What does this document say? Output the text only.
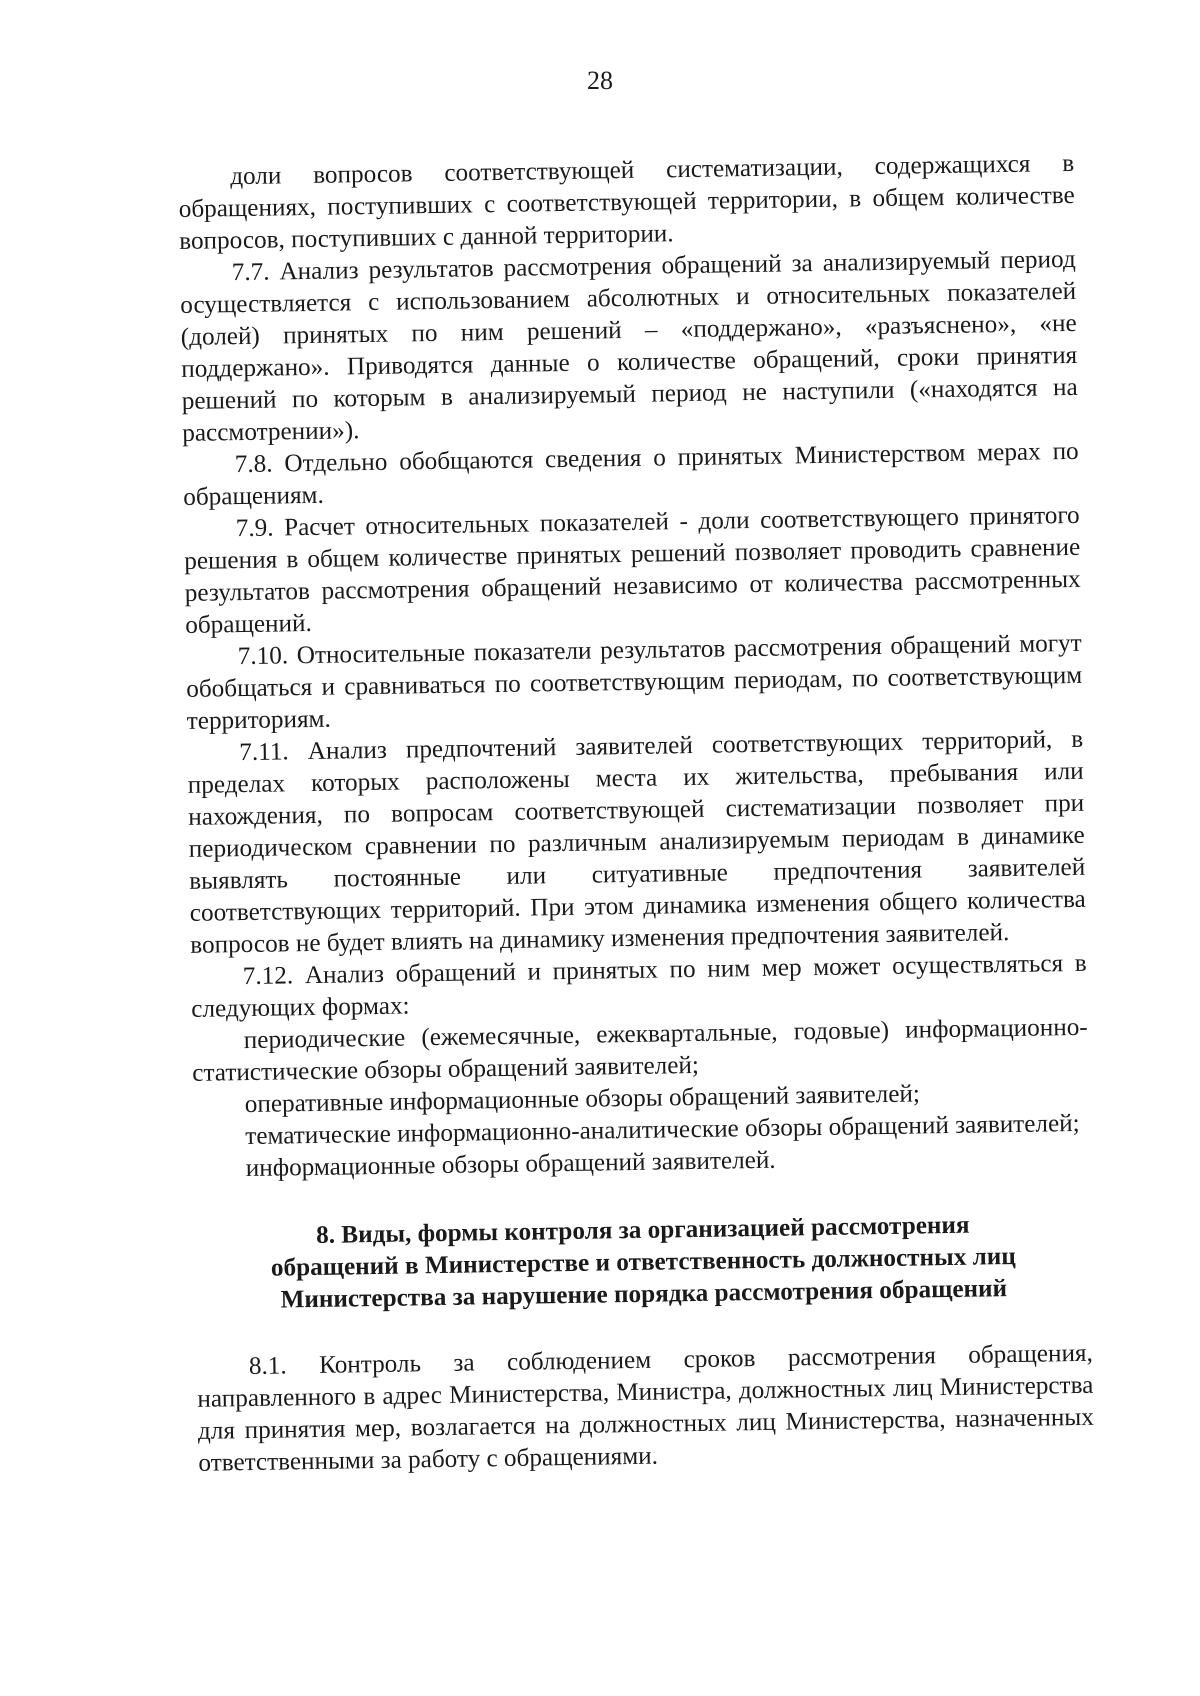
28

доли вопросов соответствующей систематизации, содержащихся в обращениях, поступивших с соответствующей территории, в общем количестве вопросов, поступивших с данной территории.

7.7. Анализ результатов рассмотрения обращений за анализируемый период осуществляется с использованием абсолютных и относительных показателей (долей) принятых по ним решений – «поддержано», «разъяснено», «не поддержано». Приводятся данные о количестве обращений, сроки принятия решений по которым в анализируемый период не наступили («находятся на рассмотрении»).

7.8. Отдельно обобщаются сведения о принятых Министерством мерах по обращениям.

7.9. Расчет относительных показателей - доли соответствующего принятого решения в общем количестве принятых решений позволяет проводить сравнение результатов рассмотрения обращений независимо от количества рассмотренных обращений.

7.10. Относительные показатели результатов рассмотрения обращений могут обобщаться и сравниваться по соответствующим периодам, по соответствующим территориям.

7.11. Анализ предпочтений заявителей соответствующих территорий, в пределах которых расположены места их жительства, пребывания или нахождения, по вопросам соответствующей систематизации позволяет при периодическом сравнении по различным анализируемым периодам в динамике выявлять постоянные или ситуативные предпочтения заявителей соответствующих территорий. При этом динамика изменения общего количества вопросов не будет влиять на динамику изменения предпочтения заявителей.

7.12. Анализ обращений и принятых по ним мер может осуществляться в следующих формах:

периодические (ежемесячные, ежеквартальные, годовые) информационно-статистические обзоры обращений заявителей;

оперативные информационные обзоры обращений заявителей;

тематические информационно-аналитические обзоры обращений заявителей;

информационные обзоры обращений заявителей.

8. Виды, формы контроля за организацией рассмотрения
обращений в Министерстве и ответственность должностных лиц
Министерства за нарушение порядка рассмотрения обращений

8.1. Контроль за соблюдением сроков рассмотрения обращения, направленного в адрес Министерства, Министра, должностных лиц Министерства для принятия мер, возлагается на должностных лиц Министерства, назначенных ответственными за работу с обращениями.
